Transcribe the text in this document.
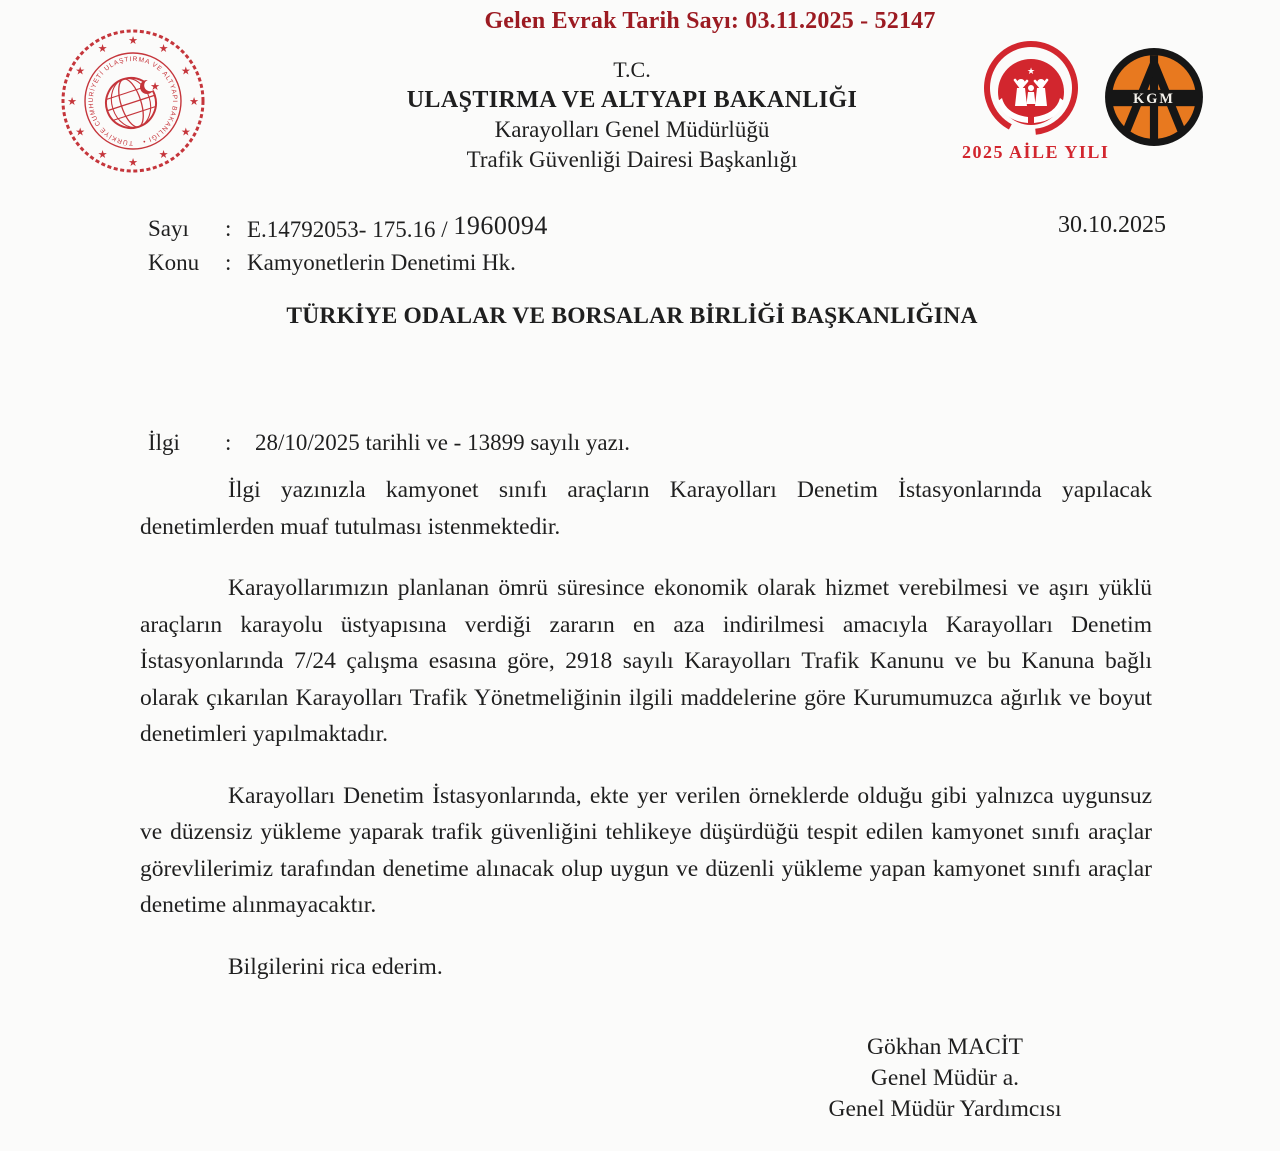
Gelen Evrak Tarih Sayı: 03.11.2025 - 52147
★
★
★
★
★
★
★
★
★
★
★
★
TÜRKİYE CUMHURİYETİ ULAŞTIRMA VE ALTYAPI BAKANLIĞI •
★
T.C.
ULAŞTIRMA VE ALTYAPI BAKANLIĞI
Karayolları Genel Müdürlüğü
Trafik Güvenliği Dairesi Başkanlığı
★
★
2025 AİLE YILI
KGM
Sayı	: E.14792053- 175.16 / 1960094
Konu	: Kamyonetlerin Denetimi Hk.
30.10.2025
TÜRKİYE ODALAR VE BORSALAR BİRLİĞİ BAŞKANLIĞINA
İlgi	:	28/10/2025 tarihli ve - 13899 sayılı yazı.

İlgi yazınızla kamyonet sınıfı araçların Karayolları Denetim İstasyonlarında yapılacak denetimlerden muaf tutulması istenmektedir.

Karayollarımızın planlanan ömrü süresince ekonomik olarak hizmet verebilmesi ve aşırı yüklü araçların karayolu üstyapısına verdiği zararın en aza indirilmesi amacıyla Karayolları Denetim İstasyonlarında 7/24 çalışma esasına göre, 2918 sayılı Karayolları Trafik Kanunu ve bu Kanuna bağlı olarak çıkarılan Karayolları Trafik Yönetmeliğinin ilgili maddelerine göre Kurumumuzca ağırlık ve boyut denetimleri yapılmaktadır.

Karayolları Denetim İstasyonlarında, ekte yer verilen örneklerde olduğu gibi yalnızca uygunsuz ve düzensiz yükleme yaparak trafik güvenliğini tehlikeye düşürdüğü tespit edilen kamyonet sınıfı araçlar görevlilerimiz tarafından denetime alınacak olup uygun ve düzenli yükleme yapan kamyonet sınıfı araçlar denetime alınmayacaktır.

Bilgilerini rica ederim.

Gökhan MACİT
Genel Müdür a.
Genel Müdür Yardımcısı
